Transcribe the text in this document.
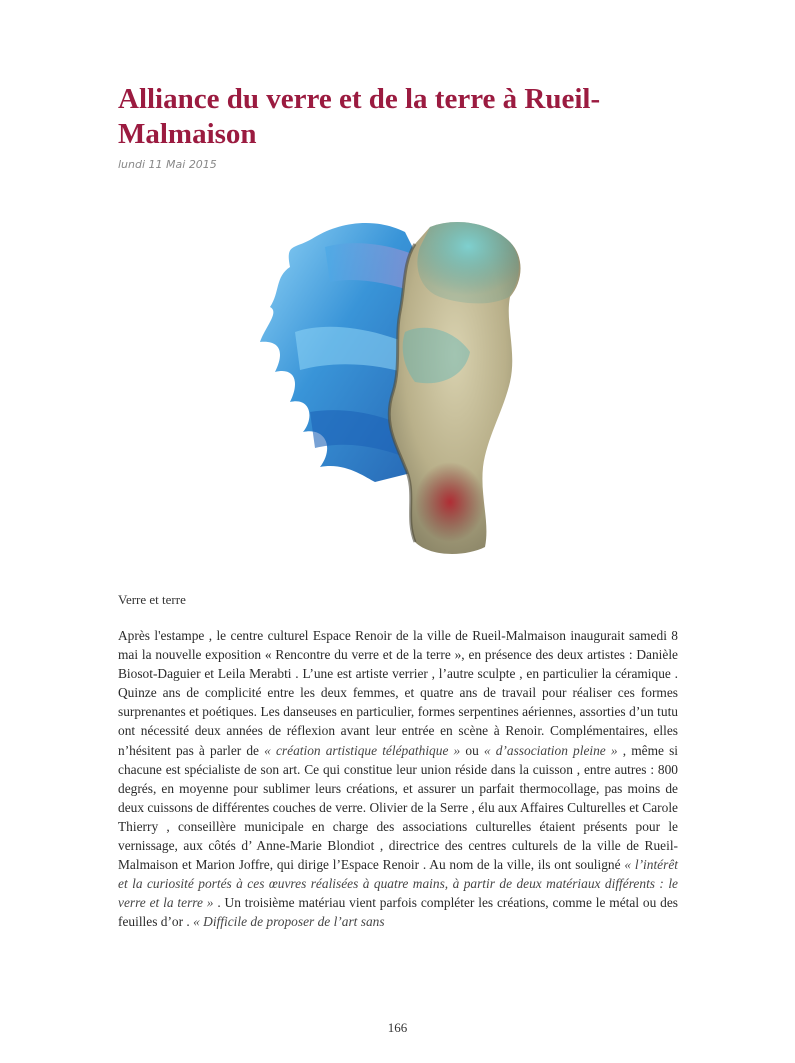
Alliance du verre et de la terre à Rueil-Malmaison
lundi 11 Mai 2015
Verre et terre

Après l'estampe , le centre culturel Espace Renoir de la ville de Rueil-Malmaison inaugurait samedi 8 mai la nouvelle exposition « Rencontre du verre et de la terre », en présence des deux artistes : Danièle Biosot-Daguier et Leila Merabti . L’une est artiste verrier , l’autre sculpte , en particulier la céramique . Quinze ans de complicité entre les deux femmes, et quatre ans de travail pour réaliser ces formes surprenantes et poétiques. Les danseuses en particulier, formes serpentines aériennes, assorties d’un tutu ont nécessité deux années de réflexion avant leur entrée en scène à Renoir. Complémentaires, elles n’hésitent pas à parler de « création artistique télépathique » ou « d’association pleine » , même si chacune est spécialiste de son art. Ce qui constitue leur union réside dans la cuisson , entre autres : 800 degrés, en moyenne pour sublimer leurs créations, et assurer un parfait thermocollage, pas moins de deux cuissons de différentes couches de verre. Olivier de la Serre , élu aux Affaires Culturelles et Carole Thierry , conseillère municipale en charge des associations culturelles étaient présents pour le vernissage, aux côtés d’ Anne-Marie Blondiot , directrice des centres culturels de la ville de Rueil-Malmaison et Marion Joffre, qui dirige l’Espace Renoir . Au nom de la ville, ils ont souligné « l’intérêt et la curiosité portés à ces œuvres réalisées à quatre mains, à partir de deux matériaux différents : le verre et la terre » . Un troisième matériau vient parfois compléter les créations, comme le métal ou des feuilles d’or . « Difficile de proposer de l’art sans

166
